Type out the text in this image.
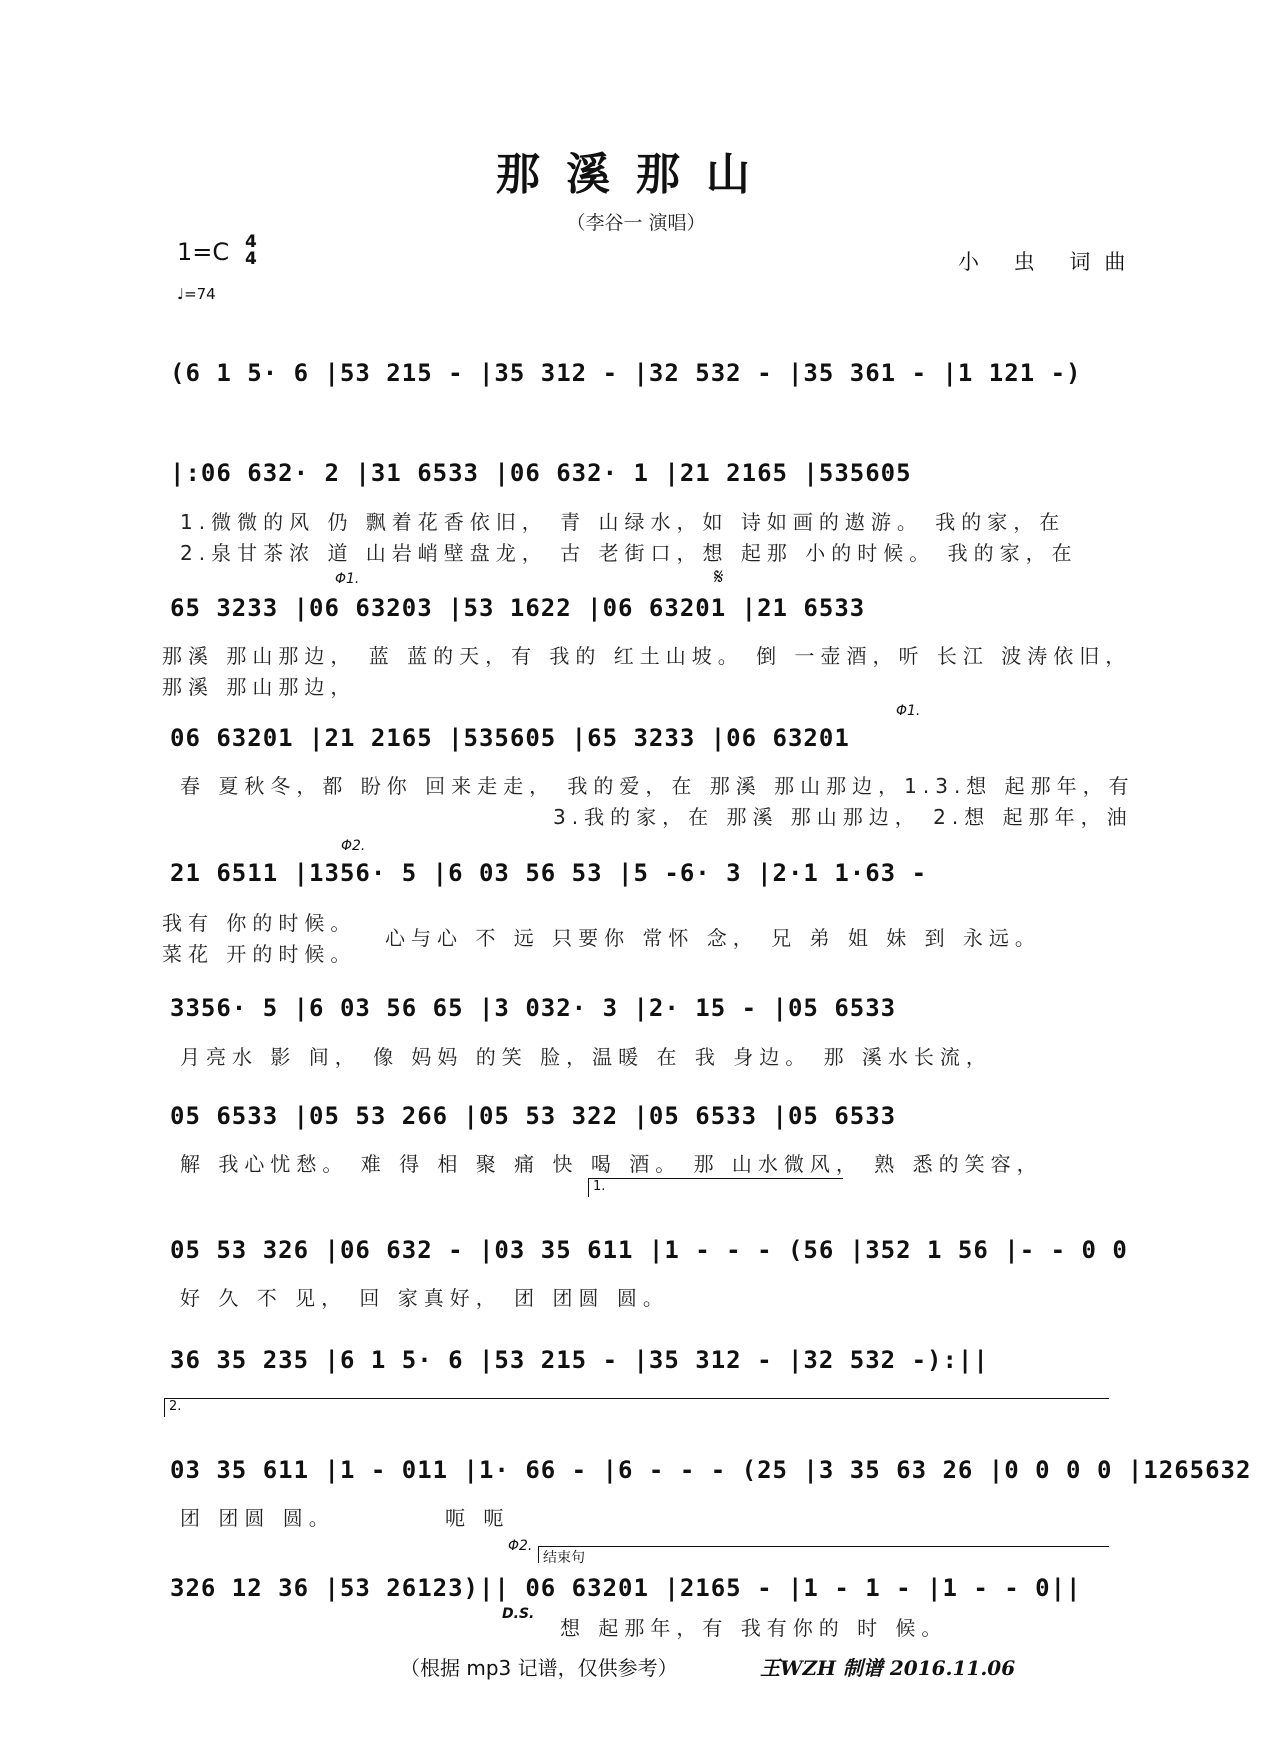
那溪那山
（李谷一 演唱）
1=C 4
4
♩=74
小 虫 词曲
(6 1 5· 6 |53 215 - |35 312 - |32 532 - |35 361 - |1 121 -)
|:06 632· 2 |31 6533 |06 632· 1 |21 2165 |535605
1.微微的风 仍 飘着花香依旧， 青 山绿水，如 诗如画的遨游。 我的家，在
2.泉甘茶浓 道 山岩峭壁盘龙， 古 老街口，想 起那 小的时候。 我的家，在
Φ1.	𝄋
65 3233 |06 63203 |53 1622 |06 63201 |21 6533
那溪 那山那边， 蓝 蓝的天，有 我的 红土山坡。 倒 一壶酒，听 长江 波涛依旧，
那溪 那山那边，
Φ1.
06 63201 |21 2165 |535605 |65 3233 |06 63201
春 夏秋冬，都 盼你 回来走走， 我的爱，在 那溪 那山那边，1.3.想 起那年，有
3.我的家，在 那溪 那山那边， 2.想 起那年，油
Φ2.
21 6511 |1356· 5 |6 03 56 53 |5 -6· 3 |2·1 1·63 -
我有 你的时候。
菜花 开的时候。
心与心 不 远 只要你 常怀 念， 兄 弟 姐 妹 到 永远。
3356· 5 |6 03 56 65 |3 032· 3 |2· 15 - |05 6533
月亮水 影 间， 像 妈妈 的笑 脸，温暖 在 我 身边。 那 溪水长流，
05 6533 |05 53 266 |05 53 322 |05 6533 |05 6533
解 我心忧愁。 难 得 相 聚 痛 快 喝 酒。 那 山水微风， 熟 悉的笑容，
1.
05 53 326 |06 632 - |03 35 611 |1 - - - (56 |352 1 56 |- - 0 0
好 久 不 见， 回 家真好， 团 团圆 圆。
36 35 235 |6 1 5· 6 |53 215 - |35 312 - |32 532 -):||
2.
03 35 611 |1 - 011 |1· 66 - |6 - - - (25 |3 35 63 26 |0 0 0 0 |1265632
团 团圆 圆。	呃 呃
Φ2.
结束句
326 12 36 |53 26123)|| 06 63201 |2165 - |1 - 1 - |1 - - 0||
D.S.
想 起那年，有 我有你的 时 候。
（根据 mp3 记谱，仅供参考）	王WZH 制谱 2016.11.06
